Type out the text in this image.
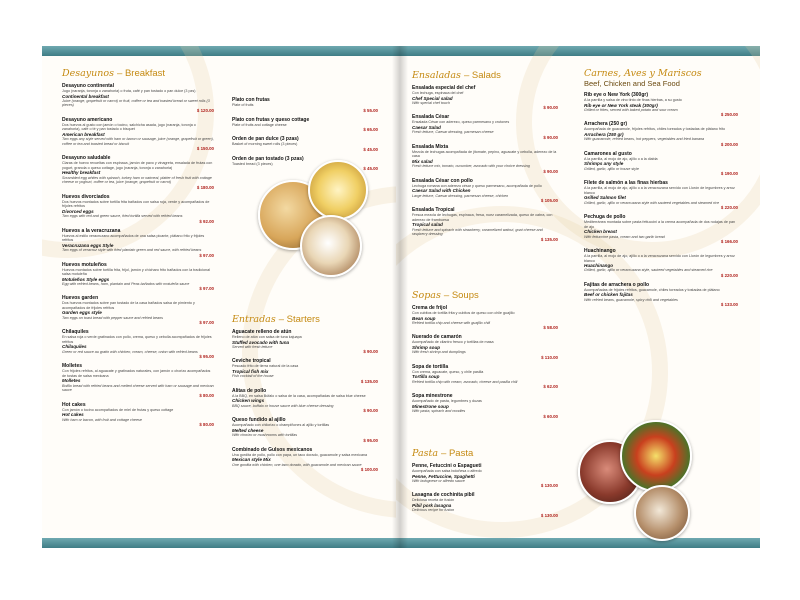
Desayunos – Breakfast
Desayuno continental
Jugo (naranja, toronja o zanahoria) o fruta, café y pan tostado o pan dulce (3 pzs)
Continental breakfast
Juice (orange, grapefruit or carrot) or fruit, coffee or tea and toasted bread or sweet rolls (3 pieces)
$ 120.00
Desayuno americano
Dos huevos al gusto con jamón o tocino, salchicha asada, jugo (naranja, toronja o zanahoria), café o té y pan tostado o bisquet
American breakfast
Two eggs any style served with ham or bacon or sausage, juice (orange, grapefruit or green), coffee or tea and toasted bread or biscuit
$ 150.00
Desayuno saludable
Claras de huevo revueltas con espinaca, jamón de pavo y vinagreta, ensalada de frutas con yogurt, granola o queso cottage, jugo (naranja, toronja o zanahoria)
Healthy breakfast
Scrambled egg whites with spinach, turkey ham or oatmeal, platter of fresh fruit with cottage cheese or yoghurt, coffee or tea, juice (orange, grapefruit or carrot)
$ 180.00
Huevos divorciados
Dos huevos montados sobre tortilla frita bañados con salsa roja, verde y acompañados de frijoles refritos
Divorced eggs
Two eggs with red and green sauce, fried tortilla served with refried beans
$ 92.00
Huevos a la veracruzana
Huevos al estilo veracruzano acompañados de una salsa picante, plátano frito y frijoles refritos
Veracruzana eggs Style
Two eggs of veracruz style with fried plantain green and red sauce, with refried beans
$ 97.00
Huevos motuleños
Huevos montados sobre tortilla frita, frijol, jamón y chícharo frito bañados con la tradicional salsa motuleña
Motuleños Style eggs
Egg with refried beans, ham, plantain and Peas bañados with motuleña sauce
$ 97.00
Huevos garden
Dos huevos montados sobre pan tostado de la casa bañados salsa de pimiento y acompañados de frijoles refritos
Garden eggs style
Two eggs on toast bread with pepper sauce and refried beans
$ 97.00
Chilaquiles
En salsa roja o verde gratinados con pollo, crema, queso y cebolla acompañados de frijoles refritos
Chilaquiles
Green or red sauce au gratin with chicken, cream, cheese, onion with refried beans
$ 95.00
Molletes
Con frijoles refritos, al aguacate y gratinados naturales, con jamón o chorizo acompañados de tostas de salsa mexicana
Molletes
Bolillo bread with refried beans and melted cheese served with ham or sausage and mexican sauce
$ 80.00
Hot cakes
Con jamón o tocino acompañados de miel de frutas y queso cottage
Hot cakes
With ham or bacon, with fruit and cottage cheese
$ 80.00
Plato con frutas
Plate of fruits
$ 55.00
Plato con frutas y queso cottage
Plate of fruits and cottage cheese
$ 65.00
Orden de pan dulce (3 pzas)
Basket of morning sweet rolls (3 pieces)
$ 45.00
Orden de pan tostado (3 pzas)
Toasted bread (3 pieces)
$ 45.00
Entradas – Starters
Aguacate relleno de atún
Relleno de atún con salsa de tuna kajuapa
Stuffed avocado with tuna
Served with fresh lettuce
$ 90.00
Ceviche tropical
Pescado frito de tierra natural de la casa
Tropical fish mix
Fish cocktail of the house
$ 135.00
Alitas de pollo
A la BBQ, en salsa Búfalo o salsa de la casa, acompañadas de salsa blue cheese
Chicken wings
BBQ sauce, buffalo or house sauce with blue cheese dressing
$ 90.00
Queso fundido al ajillo
Acompañado con chilorizo o champiñones al ajillo y tortillas
Melted cheese
With chorizo or mushrooms with tortillas
$ 95.00
Combinado de Gulsos mexicanos
Una gordita de pollo, pollo con papa, un taco dorado, guacamole y salsa mexicana
Mexican style Mix
One gordita with chicken, one taco dorado, with guacamole and mexican sauce
$ 100.00
Ensaladas – Salads
Ensalada especial del chef
Con lechuga, espinaca del chef
Chef Special salad
With special chef touch
$ 90.00
Ensalada César
Ensalada César con aderezo, queso parmesano y crutones
Caesar Salad
Fresh lettuce, Caesar dressing, parmesan cheese
$ 90.00
Ensalada Mixta
Mezcla de lechugas acompañada de jitomate, pepino, aguacate y cebolla, aderezo de la casa
Mix salad
Fresh lettuce mix, tomato, cucumber, avocado with your choice dressing
$ 90.00
Ensalada César con pollo
Lechuga romana con aderezo césar y queso parmesano, acompañada de pollo
Caesar Salad with Chicken
Large lettuce, Caesar dressing, parmesan cheese, chicken
$ 105.00
Ensalada Tropical
Fresca mezcla de lechugas, espinaca, fresa, nuez caramelizada, queso de cabra, con aderezo de frambuesa
Tropical salad
Fresh lettuce and spinach with strawberry, caramelized walnut, goat cheese and raspberry dressing
$ 135.00
Sopas – Soups
Crema de frijol
Con cubitos de tortilla frita y cubitos de queso con chile guajillo
Bean soup
Refried tortilla chip and cheese with guajillo chili
$ 58.00
Nuerado de camarón
Acompañado de cilantro fresco y tortillas de masa
Shrimp soup
With fresh shrimp and dumplings
$ 110.00
Sopa de tortilla
Con crema, aguacate, queso, y chile pasilla
Tortilla soup
Refried tortilla chip with cream, avocado, cheese and pasilla chili
$ 62.00
Sopa minestrone
Acompañado de pasta, legumbres y duzas
Minestrone soup
With pasta, spinach and noodles
$ 60.00
Pasta – Pasta
Penne, Fetuccini o Espagueti
Acompañada con salsa boloñesa o alfredo
Penne, Fettuccine, Spaghetti
With bolognese or alfredo sauce
$ 130.00
Lasagna de cochinita pibil
Deliciosa receta de fusión
Pibil pork lasagna
Delicious recipe for fusion
$ 130.00
Carnes, Aves y Mariscos
Beef, Chicken and Sea Food
Rib eye o New York (300gr)
A la parrilla y salsa de vino tinto de finas hierbas, a su gusto
Rib eye or New York steak (300gr)
Grilled or frites, served with baked potato and sour cream
$ 250.00
Arrachera (250 gr)
Acompañada de guacamole, frijoles refritos, chiles toreados y tostadas de plátano frito
Arrachera (250 gr)
With guacamole, refried beans, hot peppers, vegetables and fried banana
$ 200.00
Camarones al gusto
A la parrilla, al mojo de ajo, ajillo o a la diabla
Shrimps any style
Grilled, garlic, ajillo or house style
$ 190.00
Filete de salmón a las finas hierbas
A la parrilla, al mojo de ajo, ajillo o a la veracruzana servido con Llorón de legumbres y arroz blanco
Grilled Salmon filet
Grilled, garlic, ajillo or veracruzana style with sauteed vegetables and steamed rice
$ 220.00
Pechuga de pollo
Mediterránea montada sobre pasta fettuccini a la crema acompañada de dos rodajas de pan de ajo
Chicken breast
With fettuccine pasta, cream and two garlic bread
$ 166.00
Huachinango
A la parrilla, al mojo de ajo, ajillo o a la veracruzana servido con Llorón de legumbres y arroz blanco
Huachinango
Grilled, garlic, ajillo or veracruzana style, sauteed vegetables and steamed rice
$ 220.00
Fajitas de arrachera o pollo
Acompañadas de frijoles refritos, guacamole, chiles toreados y tostadas de plátano
Beef or chicken fajitas
With refried beans, guacamole, spicy chili and vegetables
$ 133.00
